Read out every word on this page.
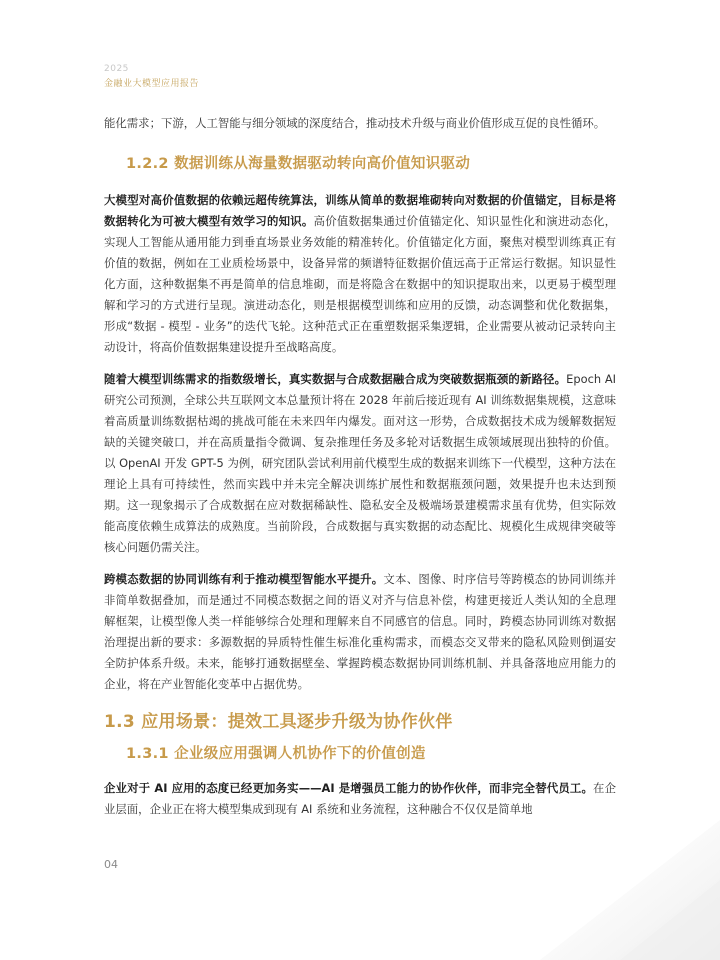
2025
金融业大模型应用报告

能化需求；下游，人工智能与细分领域的深度结合，推动技术升级与商业价值形成互促的良性循环。

1.2.2 数据训练从海量数据驱动转向高价值知识驱动

大模型对高价值数据的依赖远超传统算法，训练从简单的数据堆砌转向对数据的价值锚定，目标是将数据转化为可被大模型有效学习的知识。高价值数据集通过价值锚定化、知识显性化和演进动态化，实现人工智能从通用能力到垂直场景业务效能的精准转化。价值锚定化方面，聚焦对模型训练真正有价值的数据，例如在工业质检场景中，设备异常的频谱特征数据价值远高于正常运行数据。知识显性化方面，这种数据集不再是简单的信息堆砌，而是将隐含在数据中的知识提取出来，以更易于模型理解和学习的方式进行呈现。演进动态化，则是根据模型训练和应用的反馈，动态调整和优化数据集，形成“数据 - 模型 - 业务”的迭代飞轮。这种范式正在重塑数据采集逻辑，企业需要从被动记录转向主动设计，将高价值数据集建设提升至战略高度。

随着大模型训练需求的指数级增长，真实数据与合成数据融合成为突破数据瓶颈的新路径。Epoch AI 研究公司预测，全球公共互联网文本总量预计将在 2028 年前后接近现有 AI 训练数据集规模，这意味着高质量训练数据枯竭的挑战可能在未来四年内爆发。面对这一形势，合成数据技术成为缓解数据短缺的关键突破口，并在高质量指令微调、复杂推理任务及多轮对话数据生成领域展现出独特的价值。以 OpenAI 开发 GPT-5 为例，研究团队尝试利用前代模型生成的数据来训练下一代模型，这种方法在理论上具有可持续性，然而实践中并未完全解决训练扩展性和数据瓶颈问题，效果提升也未达到预期。这一现象揭示了合成数据在应对数据稀缺性、隐私安全及极端场景建模需求虽有优势，但实际效能高度依赖生成算法的成熟度。当前阶段，合成数据与真实数据的动态配比、规模化生成规律突破等核心问题仍需关注。

跨模态数据的协同训练有利于推动模型智能水平提升。文本、图像、时序信号等跨模态的协同训练并非简单数据叠加，而是通过不同模态数据之间的语义对齐与信息补偿，构建更接近人类认知的全息理解框架，让模型像人类一样能够综合处理和理解来自不同感官的信息。同时，跨模态协同训练对数据治理提出新的要求：多源数据的异质特性催生标准化重构需求，而模态交叉带来的隐私风险则倒逼安全防护体系升级。未来，能够打通数据壁垒、掌握跨模态数据协同训练机制、并具备落地应用能力的企业，将在产业智能化变革中占据优势。

1.3 应用场景：提效工具逐步升级为协作伙伴
1.3.1 企业级应用强调人机协作下的价值创造

企业对于 AI 应用的态度已经更加务实——AI 是增强员工能力的协作伙伴，而非完全替代员工。在企业层面，企业正在将大模型集成到现有 AI 系统和业务流程，这种融合不仅仅是简单地

04
